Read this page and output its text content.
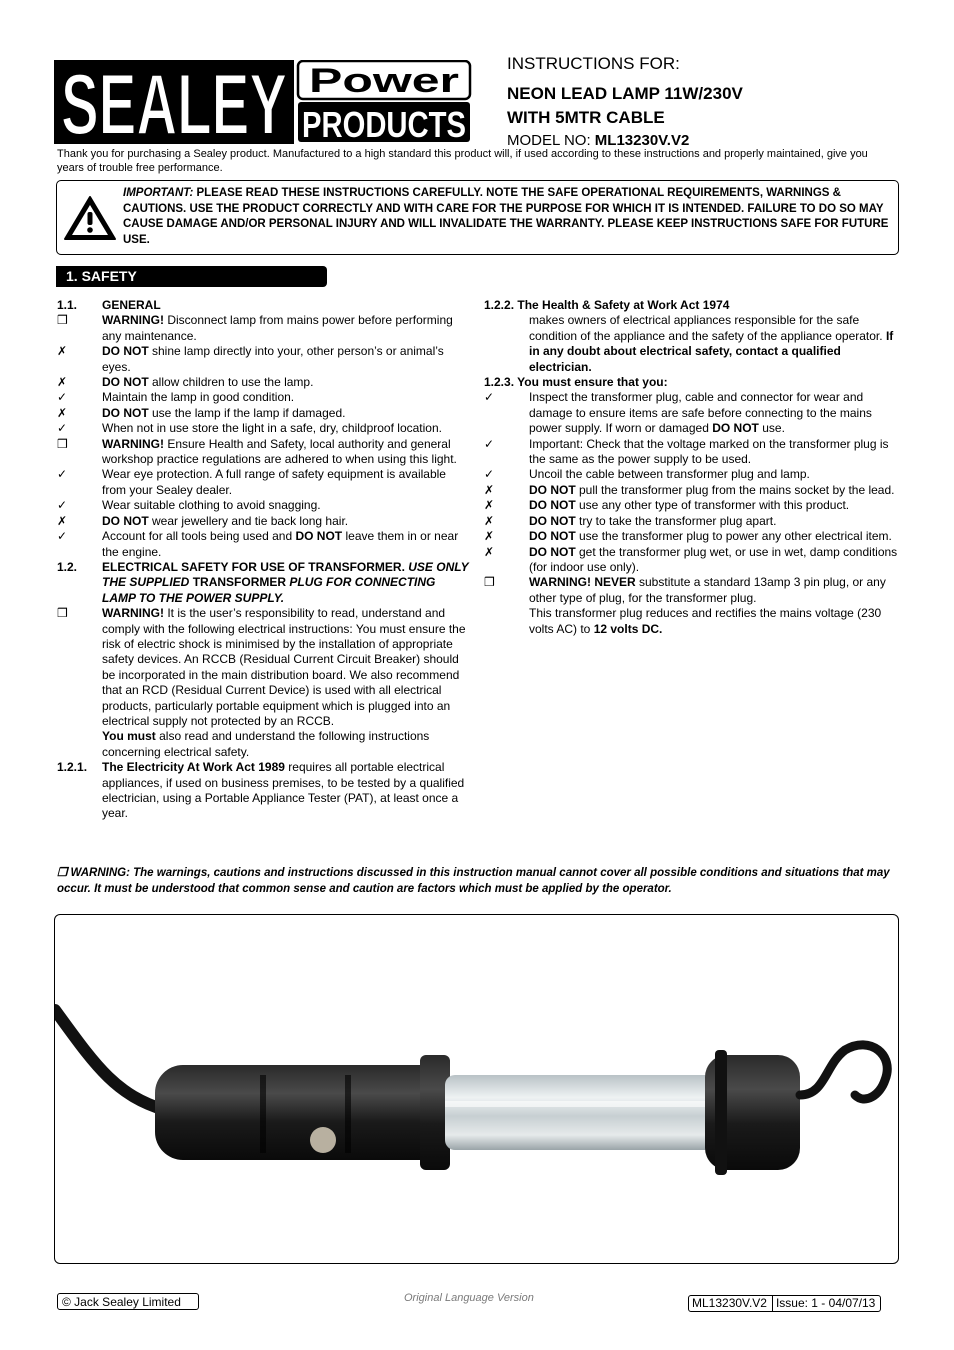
SEALEY Power
PRODUCTS
INSTRUCTIONS FOR:
NEON LEAD LAMP 11W/230V
WITH 5MTR CABLE
MODEL NO: ML13230V.V2
Thank you for purchasing a Sealey product. Manufactured to a high standard this product will, if used according to these instructions and properly maintained, give you years of trouble free performance.
IMPORTANT: PLEASE READ THESE INSTRUCTIONS CAREFULLY. NOTE THE SAFE OPERATIONAL REQUIREMENTS, WARNINGS & CAUTIONS. USE THE PRODUCT CORRECTLY AND WITH CARE FOR THE PURPOSE FOR WHICH IT IS INTENDED. FAILURE TO DO SO MAY CAUSE DAMAGE AND/OR PERSONAL INJURY AND WILL INVALIDATE THE WARRANTY. PLEASE KEEP INSTRUCTIONS SAFE FOR FUTURE USE.
1. SAFETY
1.1.	GENERAL
❒	WARNING! Disconnect lamp from mains power before performing any maintenance.
✗	DO NOT shine lamp directly into your, other person’s or animal’s eyes.
✗	DO NOT allow children to use the lamp.
✓	Maintain the lamp in good condition.
✗	DO NOT use the lamp if the lamp if damaged.
✓	When not in use store the light in a safe, dry, childproof location.
❒	WARNING! Ensure Health and Safety, local authority and general workshop practice regulations are adhered to when using this light.
✓	Wear eye protection. A full range of safety equipment is available from your Sealey dealer.
✓	Wear suitable clothing to avoid snagging.
✗	DO NOT wear jewellery and tie back long hair.
✓	Account for all tools being used and DO NOT leave them in or near the engine.
1.2.	ELECTRICAL SAFETY FOR USE OF TRANSFORMER. USE ONLY THE SUPPLIED TRANSFORMER PLUG FOR CONNECTING LAMP TO THE POWER SUPPLY.
❒	WARNING! It is the user’s responsibility to read, understand and comply with the following electrical instructions: You must ensure the risk of electric shock is minimised by the installation of appropriate safety devices. An RCCB (Residual Current Circuit Breaker) should be incorporated in the main distribution board. We also recommend that an RCD (Residual Current Device) is used with all electrical products, particularly portable equipment which is plugged into an electrical supply not protected by an RCCB.
You must also read and understand the following instructions concerning electrical safety.
1.2.1.	The Electricity At Work Act 1989 requires all portable electrical appliances, if used on business premises, to be tested by a qualified electrician, using a Portable Appliance Tester (PAT), at least once a year.
1.2.2. The Health & Safety at Work Act 1974
makes owners of electrical appliances responsible for the safe condition of the appliance and the safety of the appliance operator. If in any doubt about electrical safety, contact a qualified electrician.
1.2.3. You must ensure that you:
✓	Inspect the transformer plug, cable and connector for wear and damage to ensure items are safe before connecting to the mains power supply. If worn or damaged DO NOT use.
✓	Important: Check that the voltage marked on the transformer plug is the same as the power supply to be used.
✓	Uncoil the cable between transformer plug and lamp.
✗	DO NOT pull the transformer plug from the mains socket by the lead.
✗	DO NOT use any other type of transformer with this product.
✗	DO NOT try to take the transformer plug apart.
✗	DO NOT use the transformer plug to power any other electrical item.
✗	DO NOT get the transformer plug wet, or use in wet, damp conditions (for indoor use only).
❒	WARNING! NEVER substitute a standard 13amp 3 pin plug, or any other type of plug, for the transformer plug.
This transformer plug reduces and rectifies the mains voltage (230 volts AC) to 12 volts DC.
❒ WARNING: The warnings, cautions and instructions discussed in this instruction manual cannot cover all possible conditions and situations that may occur. It must be understood that common sense and caution are factors which must be applied by the operator.
© Jack Sealey Limited	Original Language Version	ML13230V.V2 Issue: 1 - 04/07/13
